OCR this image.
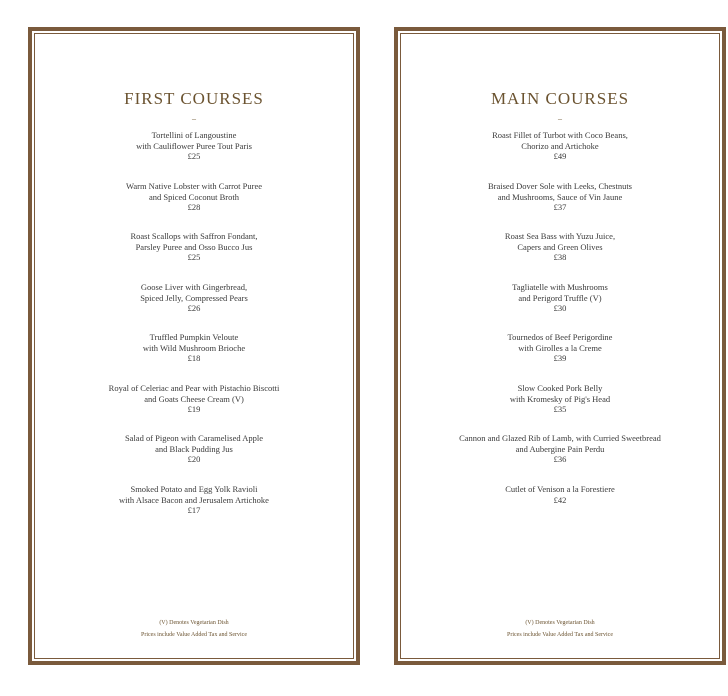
FIRST COURSES
–
Tortellini of Langoustine
with Cauliflower Puree Tout Paris
£25
Warm Native Lobster with Carrot Puree
and Spiced Coconut Broth
£28
Roast Scallops with Saffron Fondant,
Parsley Puree and Osso Bucco Jus
£25
Goose Liver with Gingerbread,
Spiced Jelly, Compressed Pears
£26
Truffled Pumpkin Veloute
with Wild Mushroom Brioche
£18
Royal of Celeriac and Pear with Pistachio Biscotti
and Goats Cheese Cream (V)
£19
Salad of Pigeon with Caramelised Apple
and Black Pudding Jus
£20
Smoked Potato and Egg Yolk Ravioli
with Alsace Bacon and Jerusalem Artichoke
£17
(V) Denotes Vegetarian Dish
Prices include Value Added Tax and Service
MAIN COURSES
–
Roast Fillet of Turbot with Coco Beans,
Chorizo and Artichoke
£49
Braised Dover Sole with Leeks, Chestnuts
and Mushrooms, Sauce of Vin Jaune
£37
Roast Sea Bass with Yuzu Juice,
Capers and Green Olives
£38
Tagliatelle with Mushrooms
and Perigord Truffle (V)
£30
Tournedos of Beef Perigordine
with Girolles a la Creme
£39
Slow Cooked Pork Belly
with Kromesky of Pig's Head
£35
Cannon and Glazed Rib of Lamb, with Curried Sweetbread
and Aubergine Pain Perdu
£36
Cutlet of Venison a la Forestiere
£42
(V) Denotes Vegetarian Dish
Prices include Value Added Tax and Service
